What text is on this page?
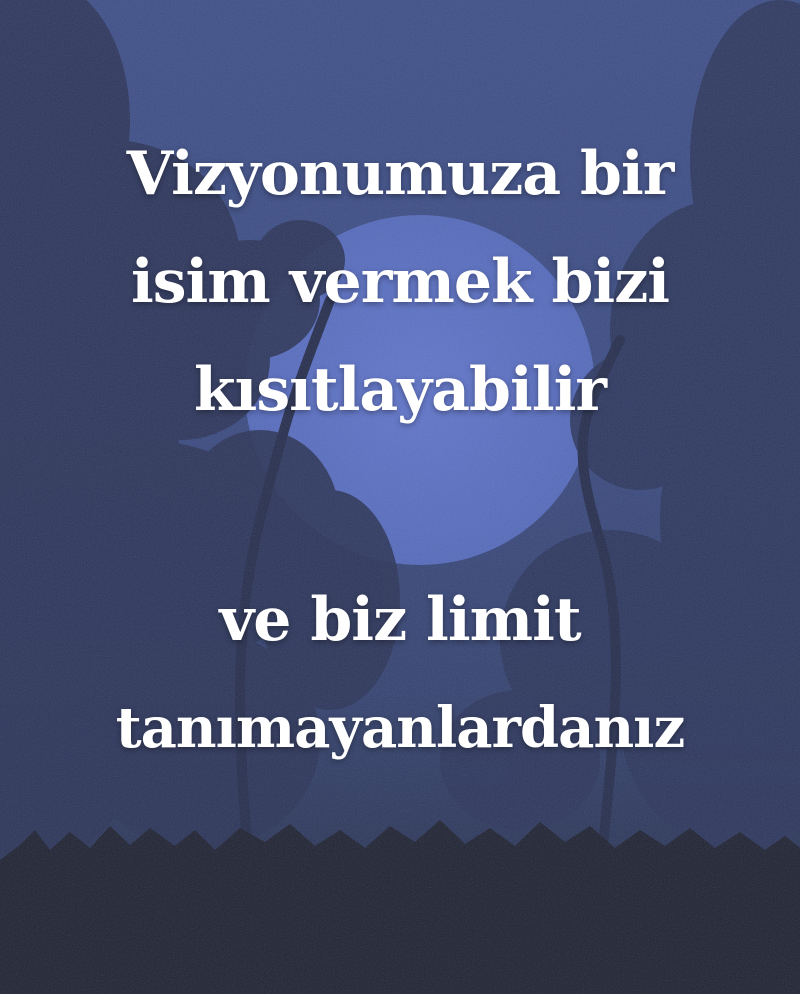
Vizyonumuza bir
isim vermek bizi
kısıtlayabilir
ve biz limit
tanımayanlardanız
